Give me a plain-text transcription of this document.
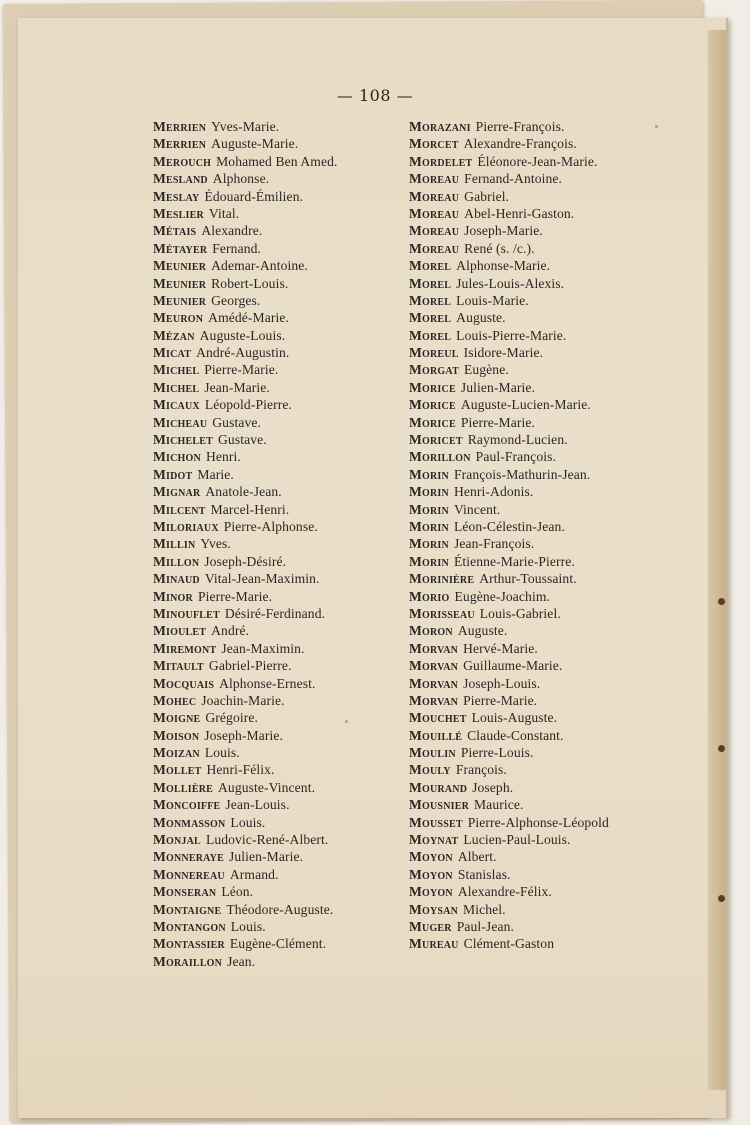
— 108 —
Merrien Yves-Marie.
Merrien Auguste-Marie.
Merouch Mohamed Ben Amed.
Mesland Alphonse.
Meslay Édouard-Émilien.
Meslier Vital.
Métais Alexandre.
Métayer Fernand.
Meunier Ademar-Antoine.
Meunier Robert-Louis.
Meunier Georges.
Meuron Amédé-Marie.
Mézan Auguste-Louis.
Micat André-Augustin.
Michel Pierre-Marie.
Michel Jean-Marie.
Micaux Léopold-Pierre.
Micheau Gustave.
Michelet Gustave.
Michon Henri.
Midot Marie.
Mignar Anatole-Jean.
Milcent Marcel-Henri.
Miloriaux Pierre-Alphonse.
Millin Yves.
Millon Joseph-Désiré.
Minaud Vital-Jean-Maximin.
Minor Pierre-Marie.
Minouflet Désiré-Ferdinand.
Mioulet André.
Miremont Jean-Maximin.
Mitault Gabriel-Pierre.
Mocquais Alphonse-Ernest.
Mohec Joachin-Marie.
Moigne Grégoire.
Moison Joseph-Marie.
Moizan Louis.
Mollet Henri-Félix.
Mollière Auguste-Vincent.
Moncoiffe Jean-Louis.
Monmasson Louis.
Monjal Ludovic-René-Albert.
Monneraye Julien-Marie.
Monnereau Armand.
Monseran Léon.
Montaigne Théodore-Auguste.
Montangon Louis.
Montassier Eugène-Clément.
Moraillon Jean.
Morazani Pierre-François.
Morcet Alexandre-François.
Mordelet Éléonore-Jean-Marie.
Moreau Fernand-Antoine.
Moreau Gabriel.
Moreau Abel-Henri-Gaston.
Moreau Joseph-Marie.
Moreau René (s. /c.).
Morel Alphonse-Marie.
Morel Jules-Louis-Alexis.
Morel Louis-Marie.
Morel Auguste.
Morel Louis-Pierre-Marie.
Moreul Isidore-Marie.
Morgat Eugène.
Morice Julien-Marie.
Morice Auguste-Lucien-Marie.
Morice Pierre-Marie.
Moricet Raymond-Lucien.
Morillon Paul-François.
Morin François-Mathurin-Jean.
Morin Henri-Adonis.
Morin Vincent.
Morin Léon-Célestin-Jean.
Morin Jean-François.
Morin Étienne-Marie-Pierre.
Morinière Arthur-Toussaint.
Morio Eugène-Joachim.
Morisseau Louis-Gabriel.
Moron Auguste.
Morvan Hervé-Marie.
Morvan Guillaume-Marie.
Morvan Joseph-Louis.
Morvan Pierre-Marie.
Mouchet Louis-Auguste.
Mouillé Claude-Constant.
Moulin Pierre-Louis.
Mouly François.
Mourand Joseph.
Mousnier Maurice.
Mousset Pierre-Alphonse-Léopold
Moynat Lucien-Paul-Louis.
Moyon Albert.
Moyon Stanislas.
Moyon Alexandre-Félix.
Moysan Michel.
Muger Paul-Jean.
Mureau Clément-Gaston
